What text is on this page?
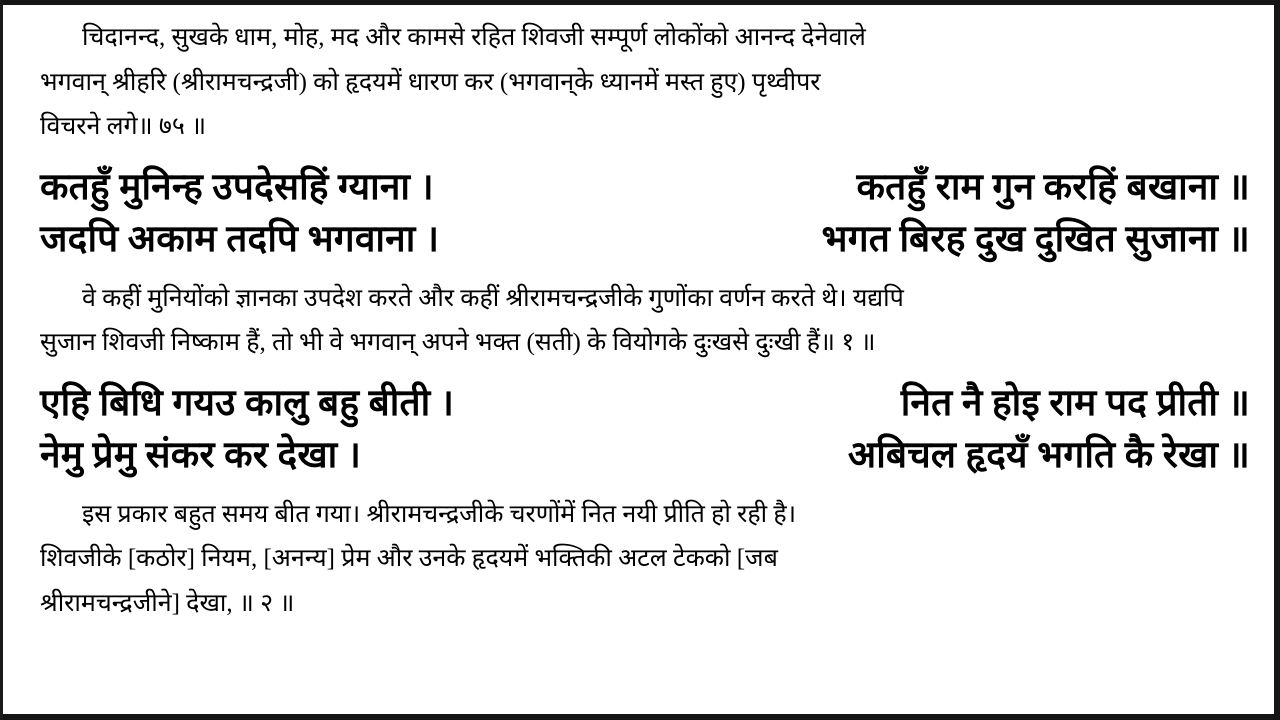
चिदानन्द, सुखके धाम, मोह, मद और कामसे रहित शिवजी सम्पूर्ण लोकोंको आनन्द देनेवाले

भगवान् श्रीहरि (श्रीरामचन्द्रजी) को हृदयमें धारण कर (भगवान्‌के ध्यानमें मस्त हुए) पृथ्वीपर

विचरने लगे॥ ७५ ॥

कतहुँ मुनिन्ह उपदेसहिं ग्याना ।	कतहुँ राम गुन करहिं बखाना ॥
जदपि अकाम तदपि भगवाना ।	भगत बिरह दुख दुखित सुजाना ॥

वे कहीं मुनियोंको ज्ञानका उपदेश करते और कहीं श्रीरामचन्द्रजीके गुणोंका वर्णन करते थे। यद्यपि

सुजान शिवजी निष्काम हैं, तो भी वे भगवान् अपने भक्त (सती) के वियोगके दुःखसे दुःखी हैं॥ १ ॥

एहि बिधि गयउ कालु बहु बीती ।	नित नै होइ राम पद प्रीती ॥
नेमु प्रेमु संकर कर देखा ।	अबिचल हृदयँ भगति कै रेखा ॥

इस प्रकार बहुत समय बीत गया। श्रीरामचन्द्रजीके चरणोंमें नित नयी प्रीति हो रही है।

शिवजीके [कठोर] नियम, [अनन्य] प्रेम और उनके हृदयमें भक्तिकी अटल टेकको [जब

श्रीरामचन्द्रजीने] देखा, ॥ २ ॥
